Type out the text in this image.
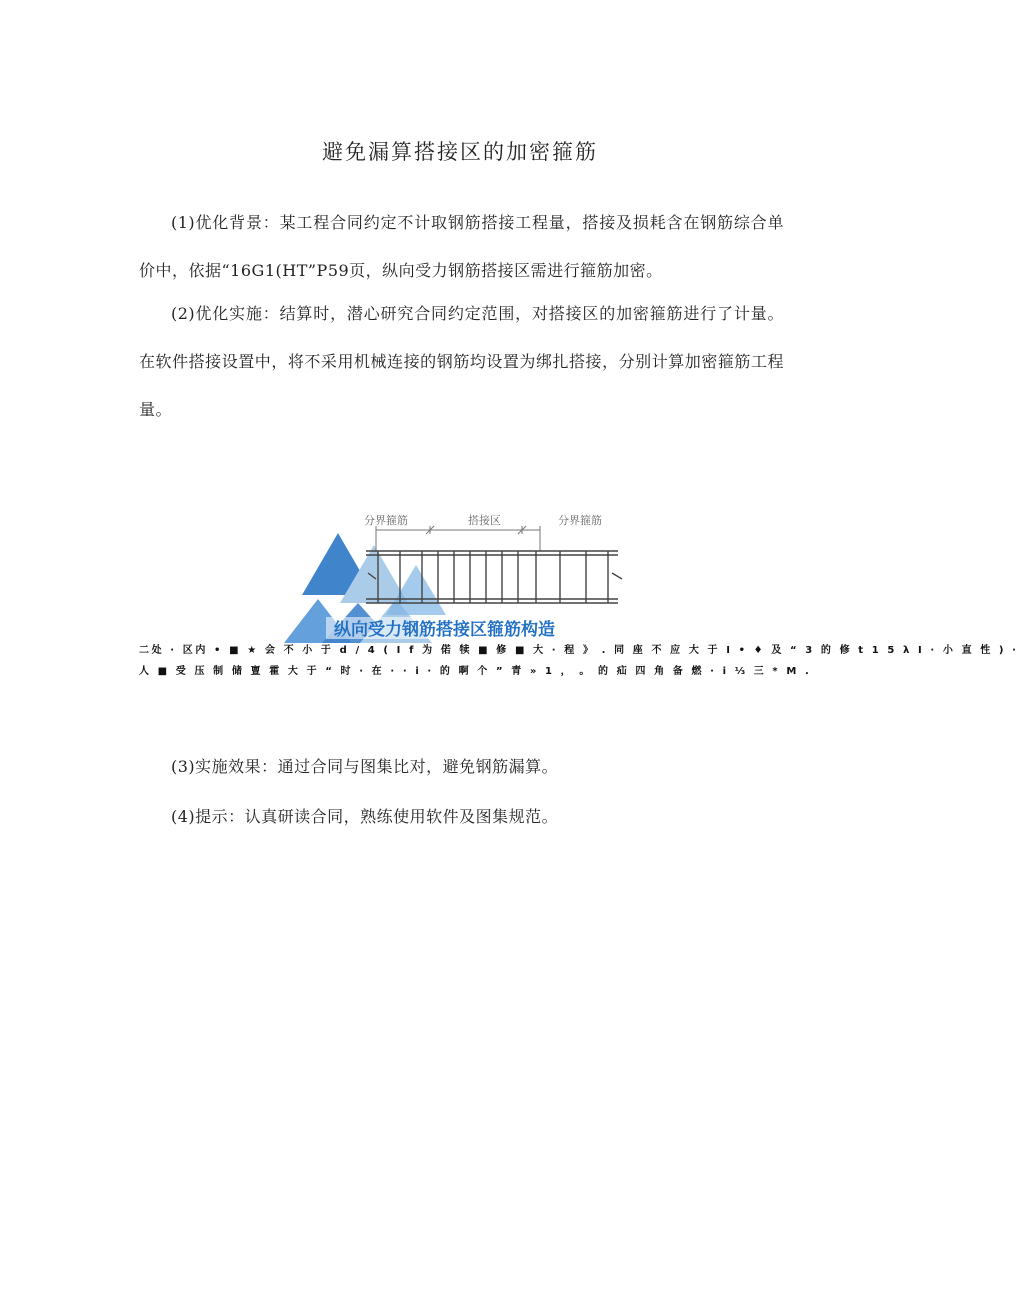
避免漏算搭接区的加密箍筋

(1)优化背景：某工程合同约定不计取钢筋搭接工程量，搭接及损耗含在钢筋综合单价中，依据“16G1(HT”P59页，纵向受力钢筋搭接区需进行箍筋加密。

(2)优化实施：结算时，潜心研究合同约定范围，对搭接区的加密箍筋进行了计量。在软件搭接设置中，将不采用机械连接的钢筋均设置为绑扎搭接，分别计算加密箍筋工程量。

分界箍筋	搭接区	分界箍筋
纵向受力钢筋搭接区箍筋构造
二处 · 区内 • ■ ★ 会 不 小 于 d / 4 ( I f 为 偌 犊 ■ 修 ■ 大 · 程 》 . 同 座 不 应 大 于 I • ♦ 及 “ 3 的 修 t 1 5 λ I · 小 直 性 ) ·
人 ■ 受 压 制 储 亶 霍 大 于 “ 时 · 在 · · i · 的 啊 个 ” 青 » 1 ， 。 的 疝 四 角 备 燃 · i ⅓ 三 * M .

(3)实施效果：通过合同与图集比对，避免钢筋漏算。

(4)提示：认真研读合同，熟练使用软件及图集规范。
